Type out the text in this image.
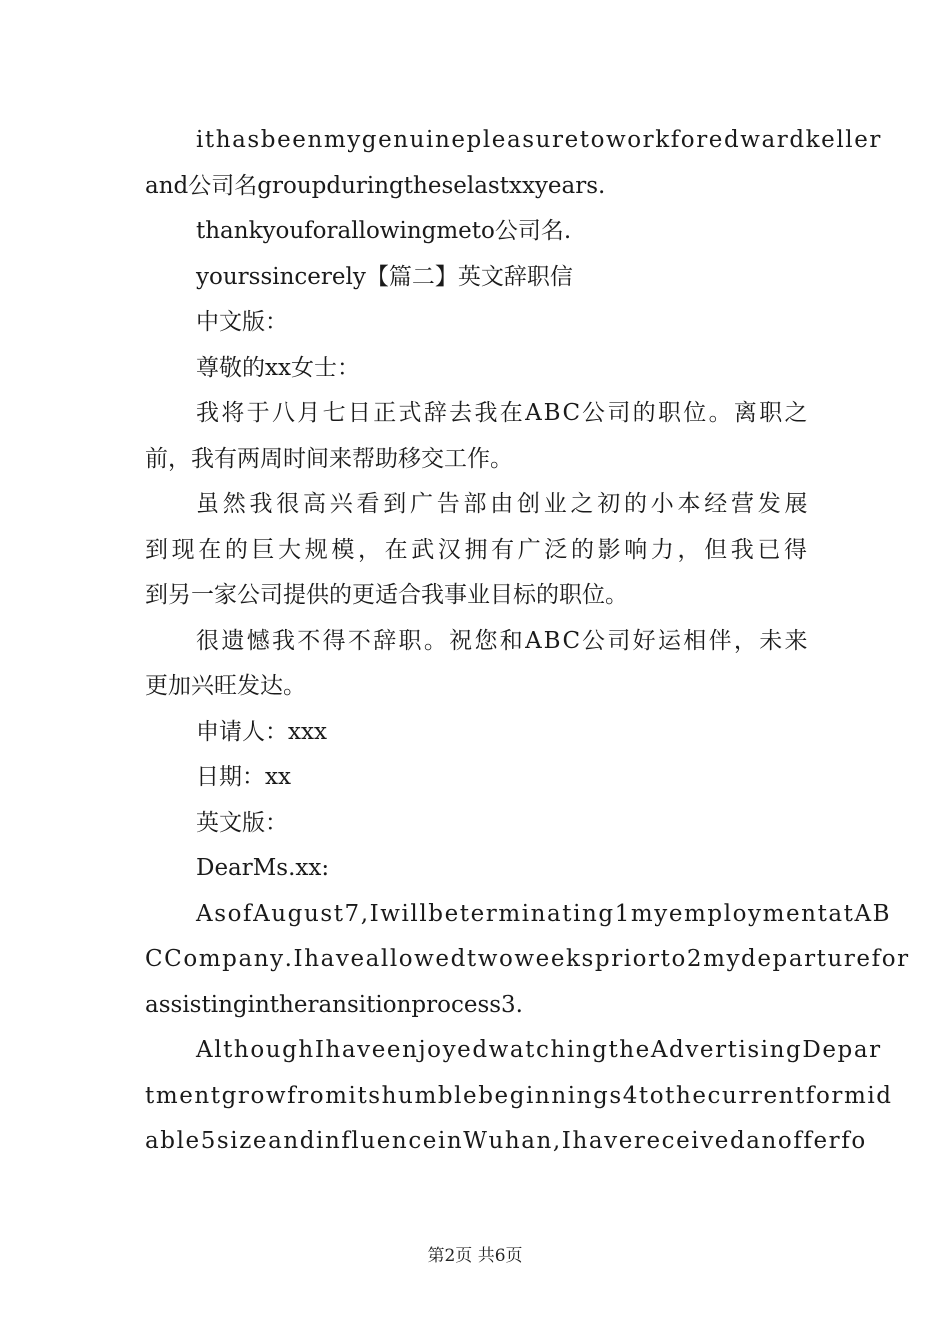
i t h a s b e e n m y g e n u i n e p l e a s u r e t o w o r k f o r e d w a r d k e l l e r
and公司名groupduringtheselastxxyears.
thankyouforallowingmeto公司名.
yourssincerely【篇二】英文辞职信
中文版：
尊敬的xx女士：
我 将 于 八 月 七 日 正 式 辞 去 我 在 A B C 公 司 的 职 位 。 离 职 之
前，我有两周时间来帮助移交工作。
虽 然 我 很 高 兴 看 到 广 告 部 由 创 业 之 初 的 小 本 经 营 发 展
到 现 在 的 巨 大 规 模 ， 在 武 汉 拥 有 广 泛 的 影 响 力 ， 但 我 已 得
到另一家公司提供的更适合我事业目标的职位。
很 遗 憾 我 不 得 不 辞 职 。 祝 您 和 A B C 公 司 好 运 相 伴 ， 未 来
更加兴旺发达。
申请人：xxx
日期：xx
英文版：
DearMs.xx:
A s o f A u g u s t 7 , I w i l l b e t e r m i n a t i n g 1 m y e m p l o y m e n t a t A B
C C o m p a n y . I h a v e a l l o w e d t w o w e e k s p r i o r t o 2 m y d e p a r t u r e f o r
assistingintheransitionprocess3.
A l t h o u g h I h a v e e n j o y e d w a t c h i n g t h e A d v e r t i s i n g D e p a r
t m e n t g r o w f r o m i t s h u m b l e b e g i n n i n g s 4 t o t h e c u r r e n t f o r m i d
a b l e 5 s i z e a n d i n f l u e n c e i n W u h a n , I h a v e r e c e i v e d a n o f f e r f o
第2页 共6页
